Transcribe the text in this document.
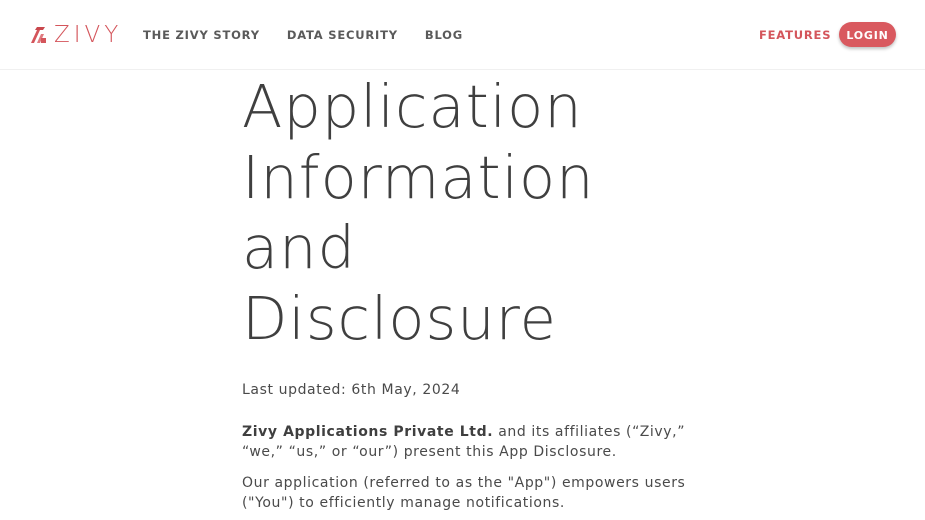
ZIVY THE ZIVY STORY DATA SECURITY BLOG	FEATURES	LOGIN
Application
Information
and
Disclosure

Last updated: 6th May, 2024

Zivy Applications Private Ltd. and its affiliates (“Zivy,” “we,” “us,” or “our”) present this App Disclosure.

Our application (referred to as the "App") empowers users ("You") to efficiently manage notifications.
